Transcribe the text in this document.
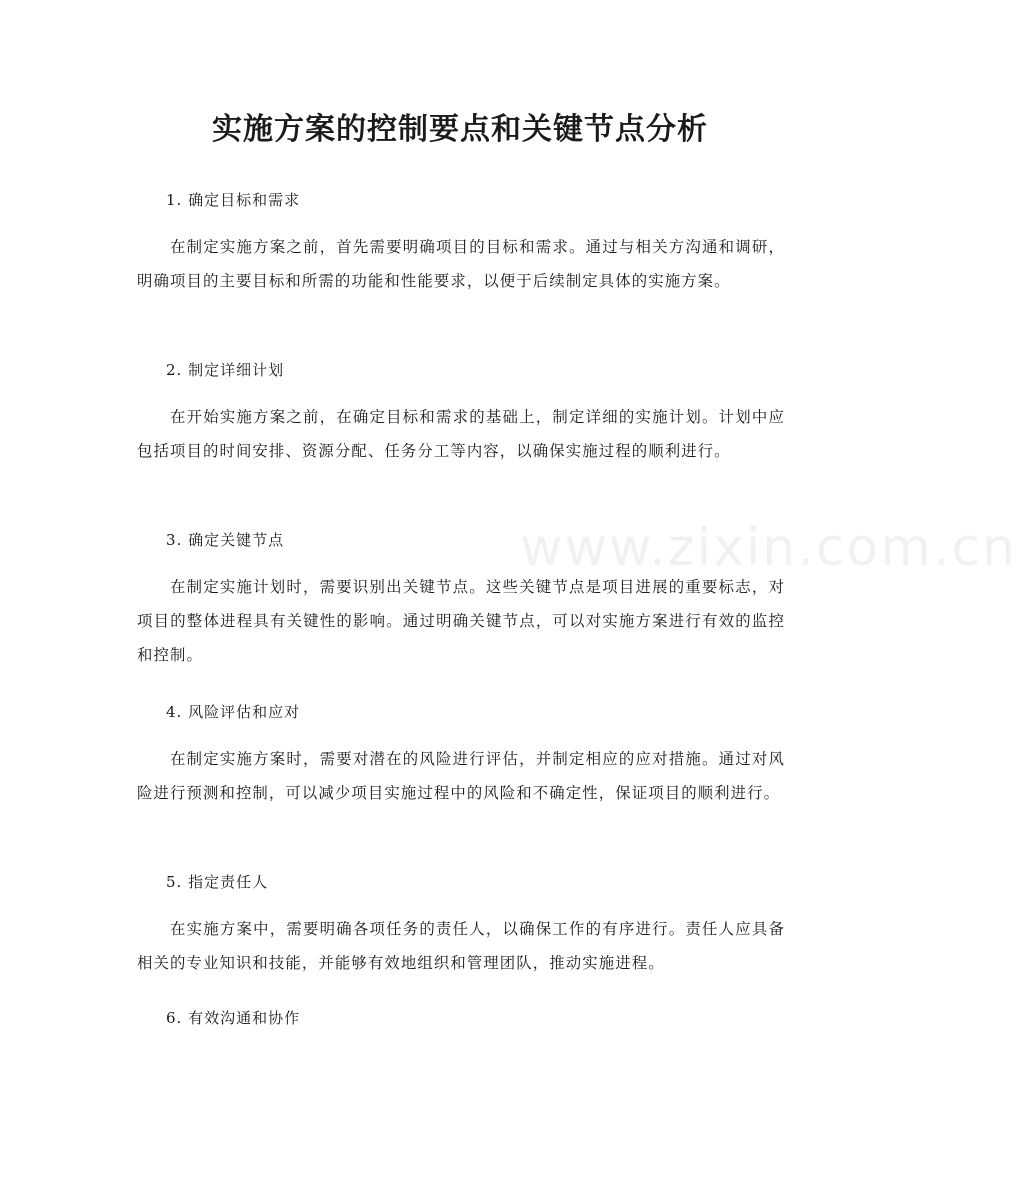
www.zixin.com.cn
实施方案的控制要点和关键节点分析

1. 确定目标和需求

在制定实施方案之前，首先需要明确项目的目标和需求。通过与相关方沟通和调研，明确项目的主要目标和所需的功能和性能要求，以便于后续制定具体的实施方案。

2. 制定详细计划

在开始实施方案之前，在确定目标和需求的基础上，制定详细的实施计划。计划中应包括项目的时间安排、资源分配、任务分工等内容，以确保实施过程的顺利进行。

3. 确定关键节点

在制定实施计划时，需要识别出关键节点。这些关键节点是项目进展的重要标志，对项目的整体进程具有关键性的影响。通过明确关键节点，可以对实施方案进行有效的监控和控制。

4. 风险评估和应对

在制定实施方案时，需要对潜在的风险进行评估，并制定相应的应对措施。通过对风险进行预测和控制，可以减少项目实施过程中的风险和不确定性，保证项目的顺利进行。

5. 指定责任人

在实施方案中，需要明确各项任务的责任人，以确保工作的有序进行。责任人应具备相关的专业知识和技能，并能够有效地组织和管理团队，推动实施进程。

6. 有效沟通和协作
